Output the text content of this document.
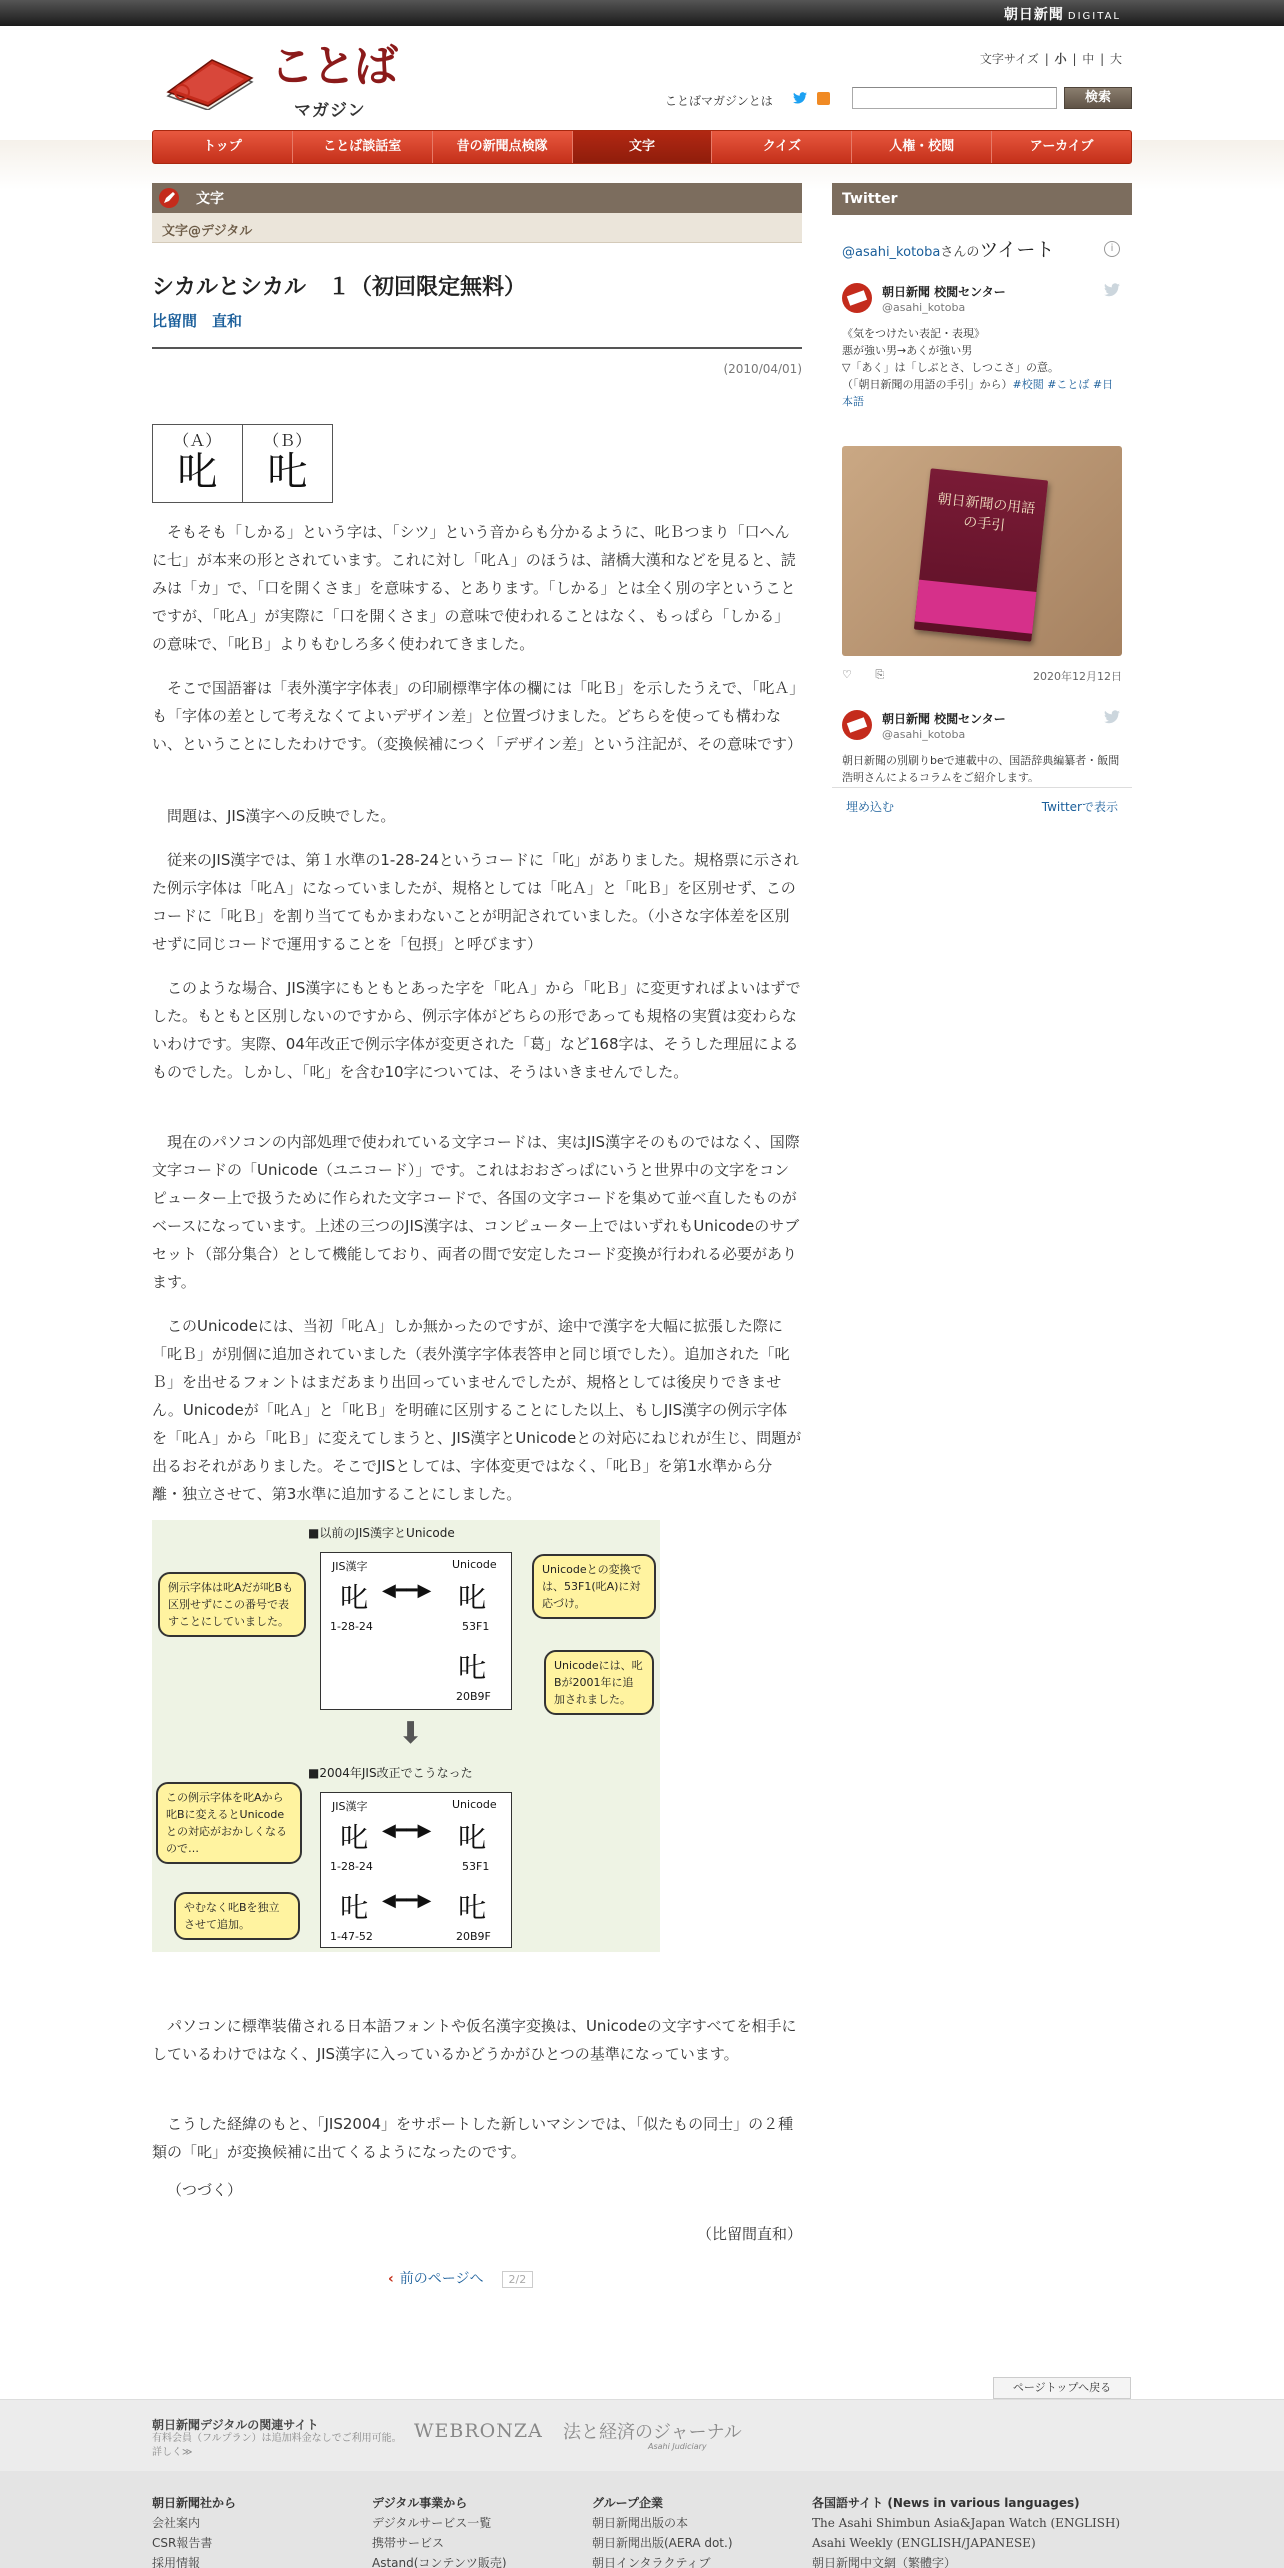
朝日新聞 DIGITAL
ことば
マガジン
文字サイズ | 小 | 中 | 大
ことばマガジンとは	検索
トップ	ことば談話室	昔の新聞点検隊	文字	クイズ	人権・校閲	アーカイブ
文字
文字@デジタル
シカルとシカル　１（初回限定無料）
比留間　直和
(2010/04/01)
（Ａ）
叱
（Ｂ）
𠮟

そもそも「しかる」という字は、「シツ」という音からも分かるように、叱Ｂつまり「口へんに七」が本来の形とされています。これに対し「叱Ａ」のほうは、諸橋大漢和などを見ると、読みは「カ」で、「口を開くさま」を意味する、とあります。「しかる」とは全く別の字ということですが、「叱Ａ」が実際に「口を開くさま」の意味で使われることはなく、もっぱら「しかる」の意味で、「叱Ｂ」よりもむしろ多く使われてきました。

そこで国語審は「表外漢字字体表」の印刷標準字体の欄には「叱Ｂ」を示したうえで、「叱Ａ」も「字体の差として考えなくてよいデザイン差」と位置づけました。どちらを使っても構わない、ということにしたわけです。（変換候補につく「デザイン差」という注記が、その意味です）

問題は、JIS漢字への反映でした。

従来のJIS漢字では、第１水準の1-28-24というコードに「叱」がありました。規格票に示された例示字体は「叱Ａ」になっていましたが、規格としては「叱Ａ」と「叱Ｂ」を区別せず、このコードに「叱Ｂ」を割り当ててもかまわないことが明記されていました。（小さな字体差を区別せずに同じコードで運用することを「包摂」と呼びます）

このような場合、JIS漢字にもともとあった字を「叱Ａ」から「叱Ｂ」に変更すればよいはずでした。もともと区別しないのですから、例示字体がどちらの形であっても規格の実質は変わらないわけです。実際、04年改正で例示字体が変更された「葛」など168字は、そうした理屈によるものでした。しかし、「叱」を含む10字については、そうはいきませんでした。

現在のパソコンの内部処理で使われている文字コードは、実はJIS漢字そのものではなく、国際文字コードの「Unicode（ユニコード）」です。これはおおざっぱにいうと世界中の文字をコンピューター上で扱うために作られた文字コードで、各国の文字コードを集めて並べ直したものがベースになっています。上述の三つのJIS漢字は、コンピューター上ではいずれもUnicodeのサブセット（部分集合）として機能しており、両者の間で安定したコード変換が行われる必要があります。

このUnicodeには、当初「叱Ａ」しか無かったのですが、途中で漢字を大幅に拡張した際に「叱Ｂ」が別個に追加されていました（表外漢字字体表答申と同じ頃でした）。追加された「叱Ｂ」を出せるフォントはまだあまり出回っていませんでしたが、規格としては後戻りできません。Unicodeが「叱Ａ」と「叱Ｂ」を明確に区別することにした以上、もしJIS漢字の例示字体を「叱Ａ」から「叱Ｂ」に変えてしまうと、JIS漢字とUnicodeとの対応にねじれが生じ、問題が出るおそれがありました。そこでJISとしては、字体変更ではなく、「叱Ｂ」を第1水準から分離・独立させて、第3水準に追加することにしました。

パソコンに標準装備される日本語フォントや仮名漢字変換は、Unicodeの文字すべてを相手にしているわけではなく、JIS漢字に入っているかどうかがひとつの基準になっています。

こうした経緯のもと、「JIS2004」をサポートした新しいマシンでは、「似たもの同士」の２種類の「叱」が変換候補に出てくるようになったのです。

（つづく）

（比留間直和）

■以前のJIS漢字とUnicode
JIS漢字	Unicode
叱 ◀━━▶ 叱
1-28-24	53F1
𠮟
20B9F
例示字体は叱Aだが叱Bも区別せずにこの番号で表すことにしていました。
Unicodeとの変換では、53F1(叱A)に対応づけ。
Unicodeには、叱Bが2001年に追加されました。
⬇
■2004年JIS改正でこうなった
JIS漢字	Unicode
叱 ◀━━▶ 叱
1-28-24	53F1
𠮟 ◀━━▶ 𠮟
1-47-52	20B9F
この例示字体を叱Aから叱Bに変えるとUnicodeとの対応がおかしくなるので…
やむなく叱Bを独立させて追加。
‹ 前のページへ 2/2
Twitter
@asahi_kotobaさんのツイート	i
朝日新聞 校閲センター
@asahi_kotoba
《気をつけたい表記・表現》
悪が強い男→あくが強い男
▽「あく」は「しぶとさ、しつこさ」の意。
（「朝日新聞の用語の手引」から）#校閲 #ことば #日本語
朝日新聞の用語の手引
♡ ⎘	2020年12月12日
朝日新聞 校閲センター
@asahi_kotoba
朝日新聞の別刷りbeで連載中の、国語辞典編纂者・飯間浩明さんによるコラムをご紹介します。
埋め込む	Twitterで表示
ページトップへ戻る
朝日新聞デジタルの関連サイト
有料会員（フルプラン）は追加料金なしでご利用可能。詳しく≫
WEBRONZA 法と経済のジャーナル
Asahi Judiciary
朝日新聞社から
会社案内
CSR報告書
採用情報
デジタル事業から
デジタルサービス一覧
携帯サービス
Astand(コンテンツ販売)
グループ企業
朝日新聞出版の本
朝日新聞出版(AERA dot.)
朝日インタラクティブ
各国語サイト (News in various languages)
The Asahi Shimbun Asia&Japan Watch (ENGLISH)
Asahi Weekly (ENGLISH/JAPANESE)
朝日新聞中文網（繁體字）
